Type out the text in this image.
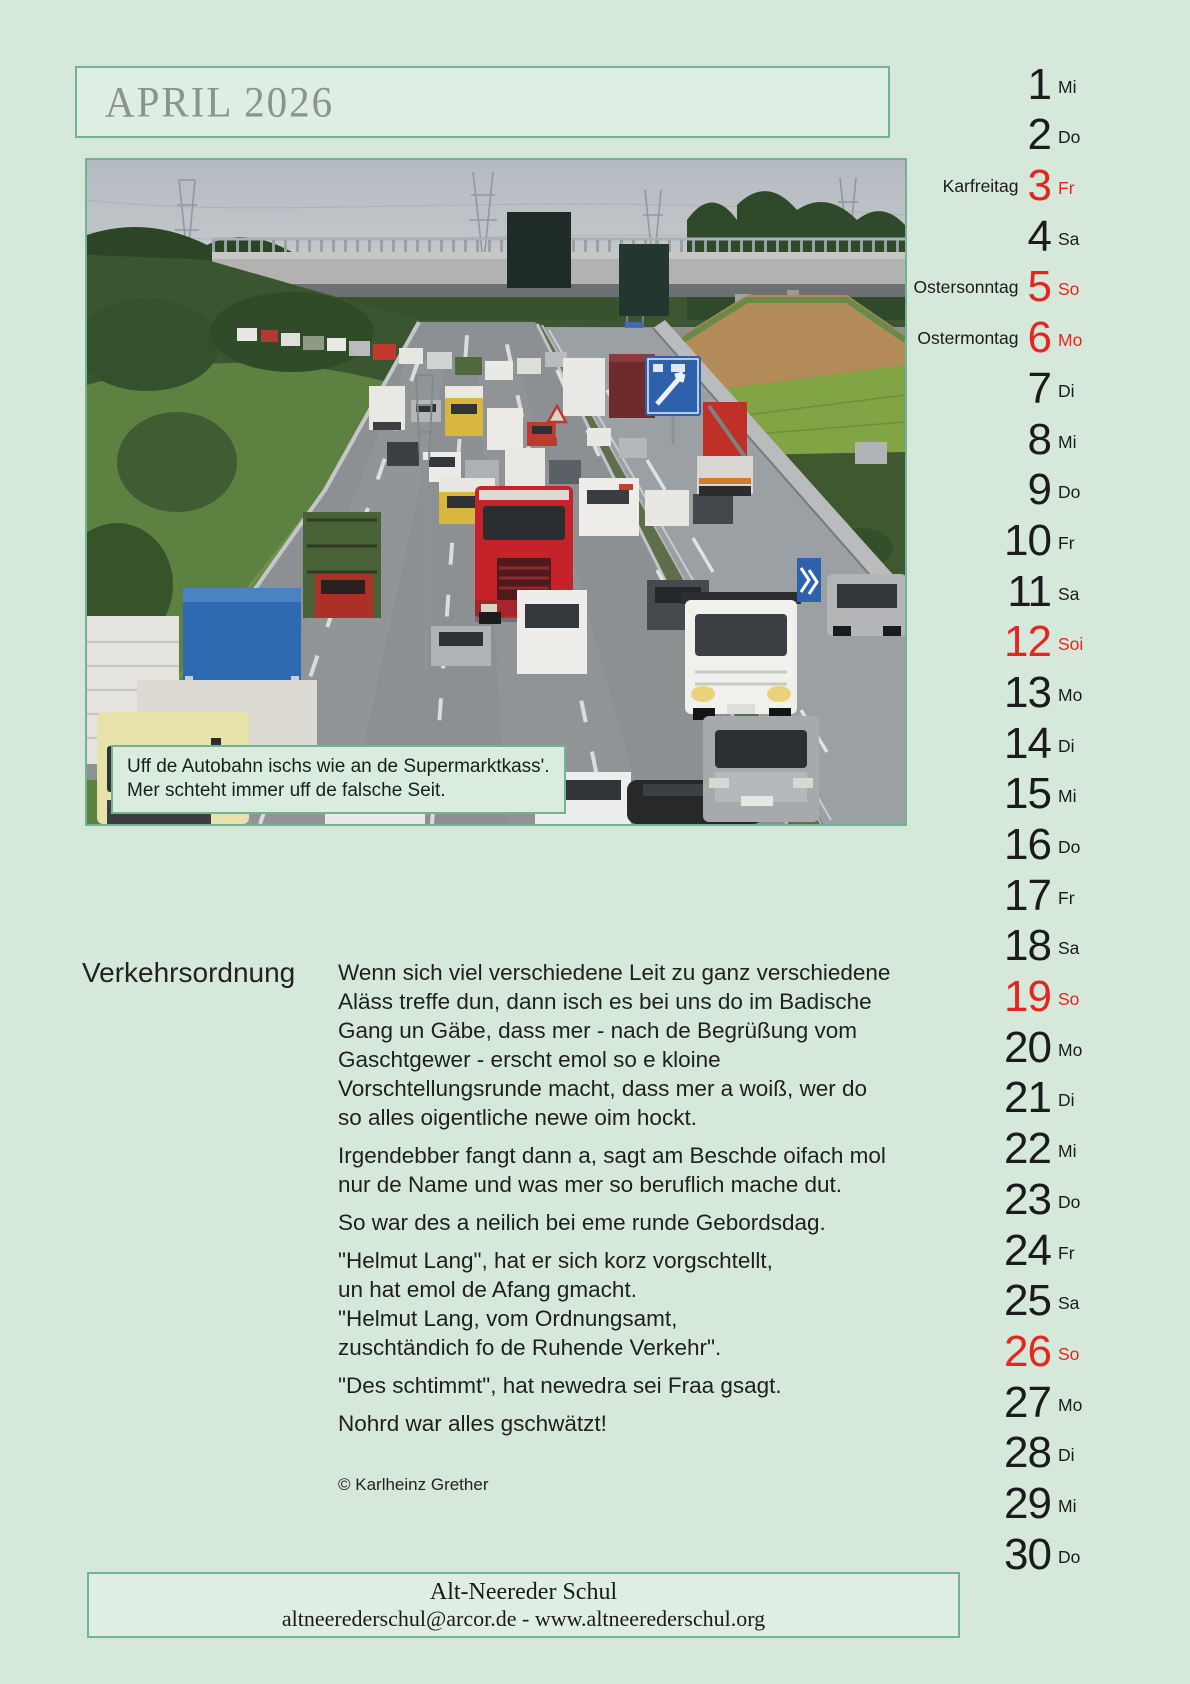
APRIL 2026
Uff de Autobahn ischs wie an de Supermarktkass'.
Mer schteht immer uff de falsche Seit.
Verkehrsordnung Wenn sich viel verschiedene Leit zu ganz verschiedene
Aläss treffe dun, dann isch es bei uns do im Badische
Gang un Gäbe, dass mer - nach de Begrüßung vom
Gaschtgewer - erscht emol so e kloine
Vorschtellungsrunde macht, dass mer a woiß, wer do
so alles oigentliche newe oim hockt.
Irgendebber fangt dann a, sagt am Beschde oifach mol
nur de Name und was mer so beruflich mache dut.
So war des a neilich bei eme runde Gebordsdag.
"Helmut Lang", hat er sich korz vorgschtellt,
un hat emol de Afang gmacht.
"Helmut Lang, vom Ordnungsamt,
zuschtändich fo de Ruhende Verkehr".
"Des schtimmt", hat newedra sei Fraa gsagt.
Nohrd war alles gschwätzt!
© Karlheinz Grether
1 Mi
2 Do
Karfreitag 3 Fr
4 Sa
Ostersonntag 5 So
Ostermontag 6 Mo
7 Di
8 Mi
9 Do
10 Fr
11 Sa
12 Soi
13 Mo
14 Di
15 Mi
16 Do
17 Fr
18 Sa
19 So
20 Mo
21 Di
22 Mi
23 Do
24 Fr
25 Sa
26 So
27 Mo
28 Di
29 Mi
30 Do
Alt-Neereder Schul
altneerederschul@arcor.de - www.altneerederschul.org
